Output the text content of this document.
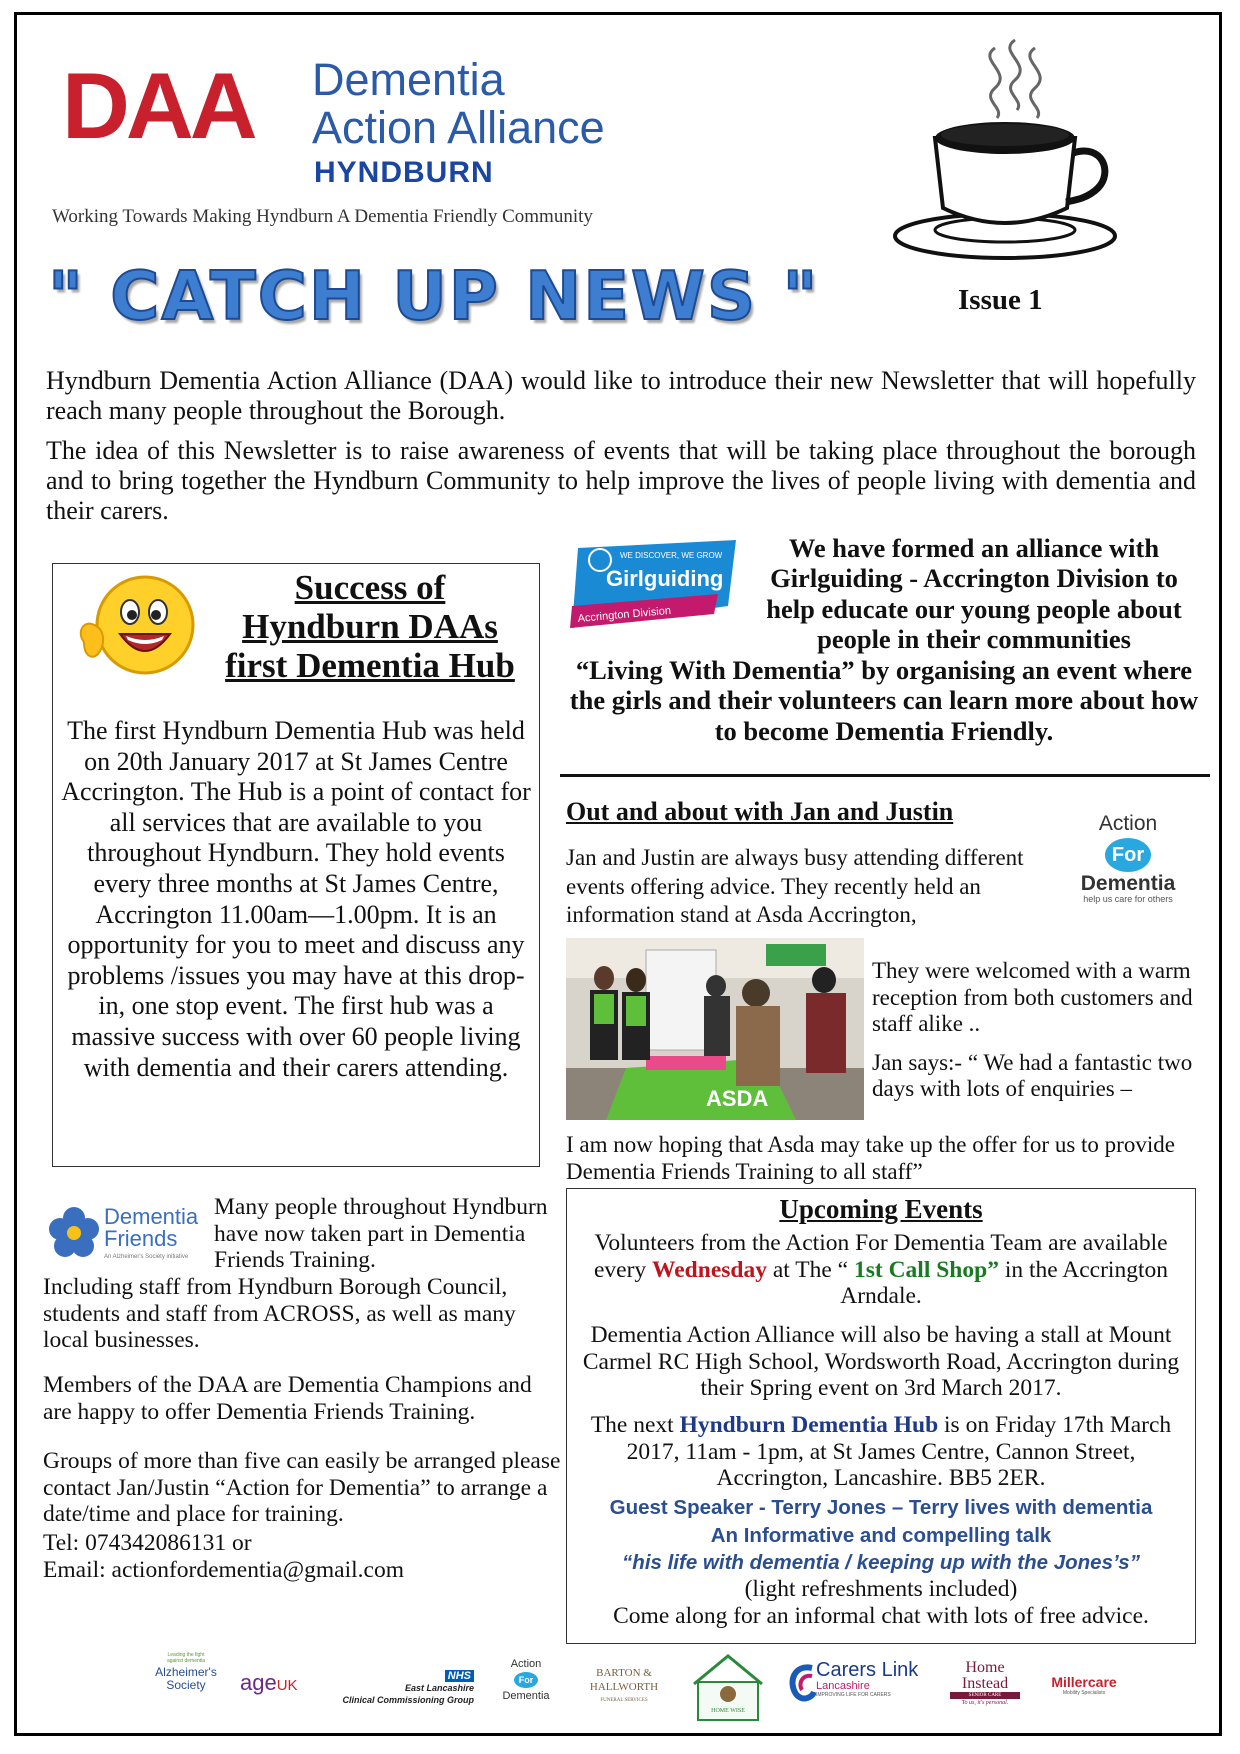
DAA	Dementia
Action Alliance
HYNDBURN
Working Towards Making Hyndburn A Dementia Friendly Community
" CATCH UP NEWS "	Issue 1

Hyndburn Dementia Action Alliance (DAA) would like to introduce their new Newsletter that will hopefully reach many people throughout the Borough.

The idea of this Newsletter is to raise awareness of events that will be taking place throughout the borough and to bring together the Hyndburn Community to help improve the lives of people living with dementia and their carers.

Success of
Hyndburn DAAs
first Dementia Hub
The first Hyndburn Dementia Hub was held on 20th January 2017 at St James Centre Accrington. The Hub is a point of contact for all services that are available to you throughout Hyndburn. They hold events every three months at St James Centre, Accrington 11.00am—1.00pm. It is an opportunity for you to meet and discuss any problems /issues you may have at this drop-in, one stop event. The first hub was a massive success with over 60 people living with dementia and their carers attending.
WE DISCOVER, WE GROW
Girlguiding
Accrington Division
We have formed an alliance with Girlguiding - Accrington Division to help educate our young people about people in their communities
“Living With Dementia” by organising an event where the girls and their volunteers can learn more about how to become Dementia Friendly.
Out and about with Jan and Justin
Jan and Justin are always busy attending different events offering advice. They recently held an information stand at Asda Accrington,
Action
For
Dementia
help us care for others
ASDA

They were welcomed with a warm reception from both customers and staff alike ..

Jan says:- “ We had a fantastic two days with lots of enquiries –

I am now hoping that Asda may take up the offer for us to provide Dementia Friends Training to all staff”
Dementia
Friends
An Alzheimer's Society initiative
Many people throughout Hyndburn have now taken part in Dementia Friends Training.
Including staff from Hyndburn Borough Council, students and staff from ACROSS, as well as many local businesses.
Members of the DAA are Dementia Champions and are happy to offer Dementia Friends Training.
Groups of more than five can easily be arranged please contact Jan/Justin “Action for Dementia” to arrange a date/time and place for training.
Tel: 074342086131 or
Email: actionfordementia@gmail.com
Upcoming Events
Volunteers from the Action For Dementia Team are available every Wednesday at The “ 1st Call Shop” in the Accrington Arndale.
Dementia Action Alliance will also be having a stall at Mount Carmel RC High School, Wordsworth Road, Accrington during their Spring event on 3rd March 2017.
The next Hyndburn Dementia Hub is on Friday 17th March 2017, 11am - 1pm, at St James Centre, Cannon Street, Accrington, Lancashire. BB5 2ER.
Guest Speaker - Terry Jones – Terry lives with dementia
An Informative and compelling talk
“his life with dementia / keeping up with the Jones’s”
(light refreshments included)
Come along for an informal chat with lots of free advice.
Leading the fight against dementia
Alzheimer's Society	ageUK
NHS
East Lancashire
Clinical Commissioning Group
Action
For
Dementia
BARTON & HALLWORTH
FUNERAL SERVICES
HOME WISE
Carers Link
Lancashire
IMPROVING LIFE FOR CARERS
Home
Instead
SENIOR CARE
To us, it's personal.
Millercare
Mobility Specialists
